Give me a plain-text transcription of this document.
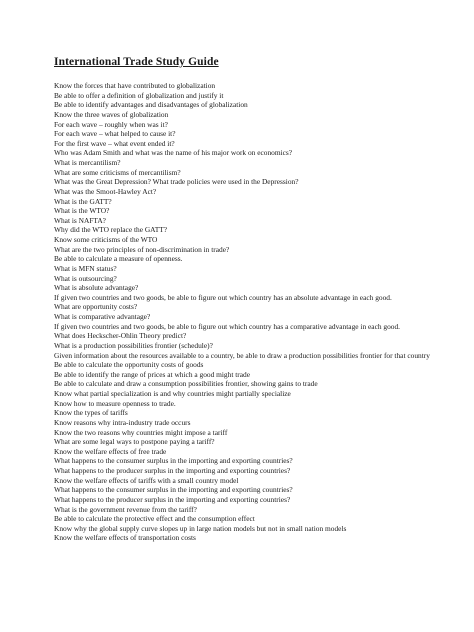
International Trade Study Guide
Know the forces that have contributed to globalization
Be able to offer a definition of globalization and justify it
Be able to identify advantages and disadvantages of globalization
Know the three waves of globalization
For each wave – roughly when was it?
For each wave – what helped to cause it?
For the first wave – what event ended it?
Who was Adam Smith and what was the name of his major work on economics?
What is mercantilism?
What are some criticisms of mercantilism?
What was the Great Depression? What trade policies were used in the Depression?
What was the Smoot-Hawley Act?
What is the GATT?
What is the WTO?
What is NAFTA?
Why did the WTO replace the GATT?
Know some criticisms of the WTO
What are the two principles of non-discrimination in trade?
Be able to calculate a measure of openness.
What is MFN status?
What is outsourcing?
What is absolute advantage?
If given two countries and two goods, be able to figure out which country has an absolute advantage in each good.
What are opportunity costs?
What is comparative advantage?
If given two countries and two goods, be able to figure out which country has a comparative advantage in each good.
What does Heckscher-Ohlin Theory predict?
What is a production possibilities frontier (schedule)?
Given information about the resources available to a country, be able to draw a production possibilities frontier for that country
Be able to calculate the opportunity costs of goods
Be able to identify the range of prices at which a good might trade
Be able to calculate and draw a consumption possibilities frontier, showing gains to trade
Know what partial specialization is and why countries might partially specialize
Know how to measure openness to trade.
Know the types of tariffs
Know reasons why intra-industry trade occurs
Know the two reasons why countries might impose a tariff
What are some legal ways to postpone paying a tariff?
Know the welfare effects of free trade
What happens to the consumer surplus in the importing and exporting countries?
What happens to the producer surplus in the importing and exporting countries?
Know the welfare effects of tariffs with a small country model
What happens to the consumer surplus in the importing and exporting countries?
What happens to the producer surplus in the importing and exporting countries?
What is the government revenue from the tariff?
Be able to calculate the protective effect and the consumption effect
Know why the global supply curve slopes up in large nation models but not in small nation models
Know the welfare effects of transportation costs
